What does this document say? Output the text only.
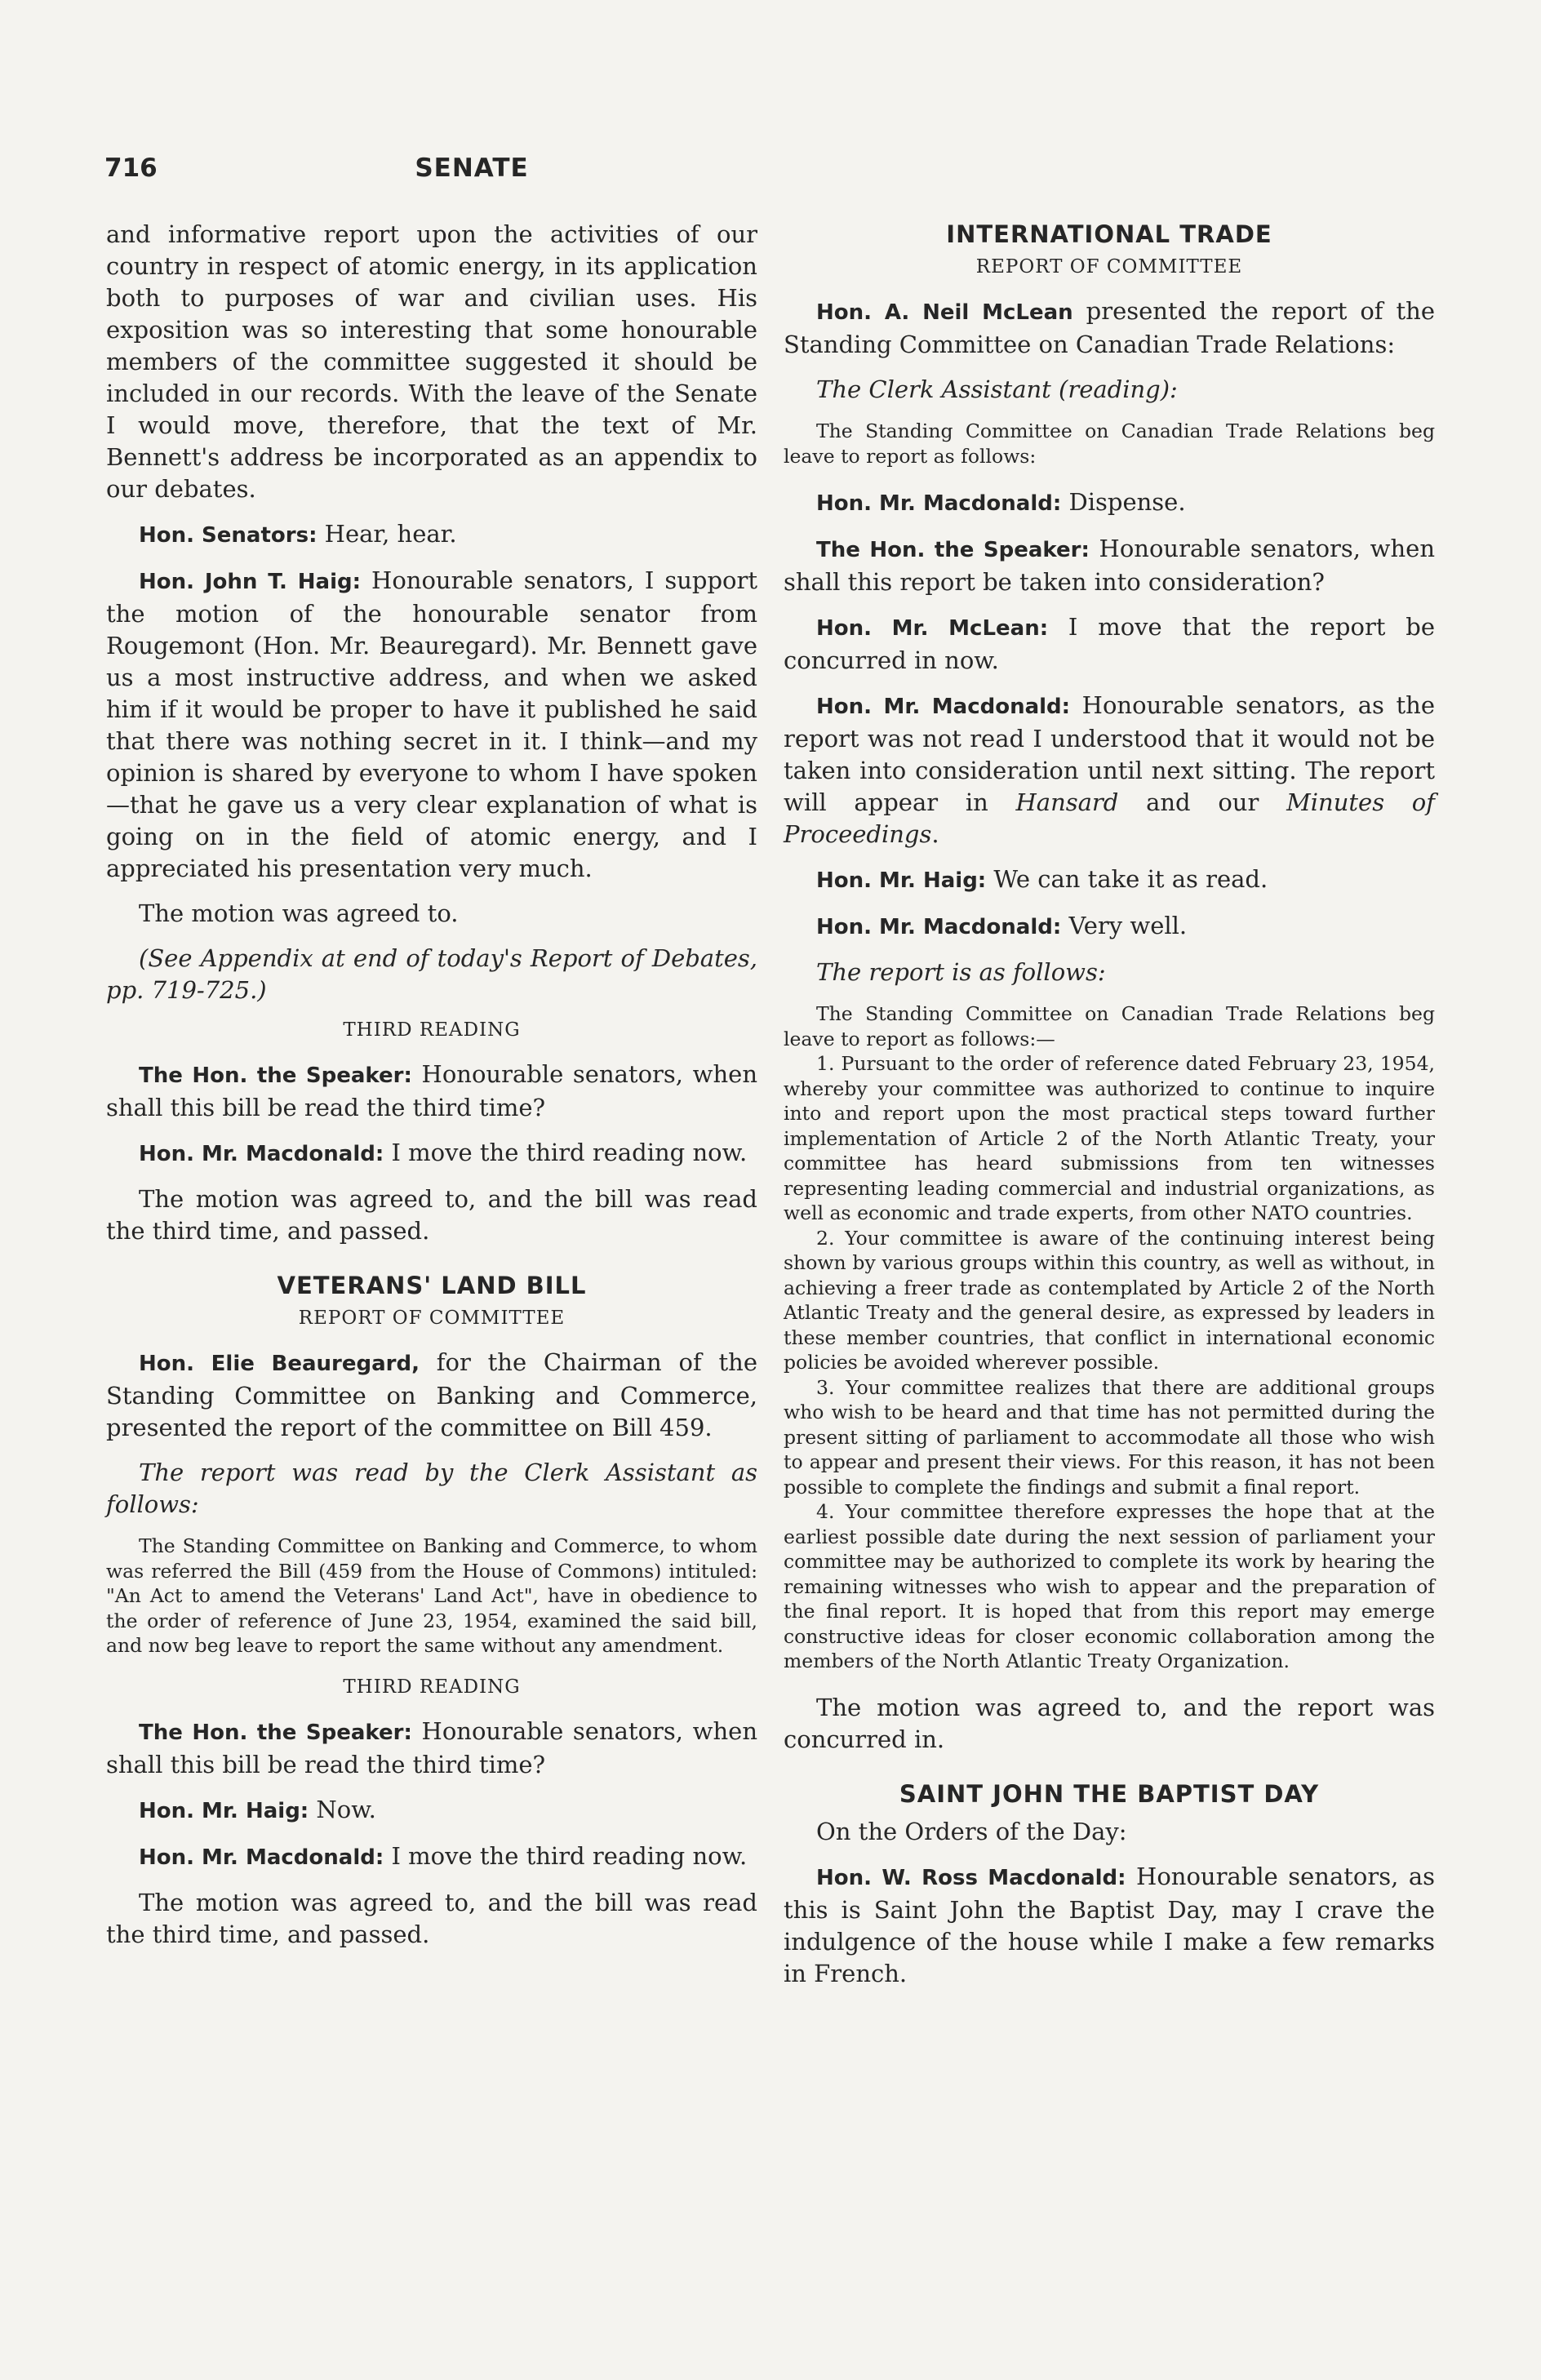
716	SENATE

and informative report upon the activities of our country in respect of atomic energy, in its application both to purposes of war and civilian uses. His exposition was so interesting that some honourable members of the committee suggested it should be included in our records. With the leave of the Senate I would move, therefore, that the text of Mr. Bennett's address be incorporated as an appendix to our debates.

Hon. Senators: Hear, hear.

Hon. John T. Haig: Honourable senators, I support the motion of the honourable senator from Rougemont (Hon. Mr. Beauregard). Mr. Bennett gave us a most instructive address, and when we asked him if it would be proper to have it published he said that there was nothing secret in it. I think—and my opinion is shared by everyone to whom I have spoken —that he gave us a very clear explanation of what is going on in the field of atomic energy, and I appreciated his presentation very much.

The motion was agreed to.

(See Appendix at end of today's Report of Debates, pp. 719-725.)

THIRD READING

The Hon. the Speaker: Honourable senators, when shall this bill be read the third time?

Hon. Mr. Macdonald: I move the third reading now.

The motion was agreed to, and the bill was read the third time, and passed.

VETERANS' LAND BILL
REPORT OF COMMITTEE

Hon. Elie Beauregard, for the Chairman of the Standing Committee on Banking and Commerce, presented the report of the committee on Bill 459.

The report was read by the Clerk Assistant as follows:

The Standing Committee on Banking and Commerce, to whom was referred the Bill (459 from the House of Commons) intituled: "An Act to amend the Veterans' Land Act", have in obedience to the order of reference of June 23, 1954, examined the said bill, and now beg leave to report the same without any amendment.

THIRD READING

The Hon. the Speaker: Honourable senators, when shall this bill be read the third time?

Hon. Mr. Haig: Now.

Hon. Mr. Macdonald: I move the third reading now.

The motion was agreed to, and the bill was read the third time, and passed.

INTERNATIONAL TRADE
REPORT OF COMMITTEE

Hon. A. Neil McLean presented the report of the Standing Committee on Canadian Trade Relations:

The Clerk Assistant (reading):

The Standing Committee on Canadian Trade Relations beg leave to report as follows:

Hon. Mr. Macdonald: Dispense.

The Hon. the Speaker: Honourable senators, when shall this report be taken into consideration?

Hon. Mr. McLean: I move that the report be concurred in now.

Hon. Mr. Macdonald: Honourable senators, as the report was not read I understood that it would not be taken into consideration until next sitting. The report will appear in Hansard and our Minutes of Proceedings.

Hon. Mr. Haig: We can take it as read.

Hon. Mr. Macdonald: Very well.

The report is as follows:

The Standing Committee on Canadian Trade Relations beg leave to report as follows:—

1. Pursuant to the order of reference dated February 23, 1954, whereby your committee was authorized to continue to inquire into and report upon the most practical steps toward further implementation of Article 2 of the North Atlantic Treaty, your committee has heard submissions from ten witnesses representing leading commercial and industrial organizations, as well as economic and trade experts, from other NATO countries.

2. Your committee is aware of the continuing interest being shown by various groups within this country, as well as without, in achieving a freer trade as contemplated by Article 2 of the North Atlantic Treaty and the general desire, as expressed by leaders in these member countries, that conflict in international economic policies be avoided wherever possible.

3. Your committee realizes that there are additional groups who wish to be heard and that time has not permitted during the present sitting of parliament to accommodate all those who wish to appear and present their views. For this reason, it has not been possible to complete the findings and submit a final report.

4. Your committee therefore expresses the hope that at the earliest possible date during the next session of parliament your committee may be authorized to complete its work by hearing the remaining witnesses who wish to appear and the preparation of the final report. It is hoped that from this report may emerge constructive ideas for closer economic collaboration among the members of the North Atlantic Treaty Organization.

The motion was agreed to, and the report was concurred in.

SAINT JOHN THE BAPTIST DAY

On the Orders of the Day:

Hon. W. Ross Macdonald: Honourable senators, as this is Saint John the Baptist Day, may I crave the indulgence of the house while I make a few remarks in French.
